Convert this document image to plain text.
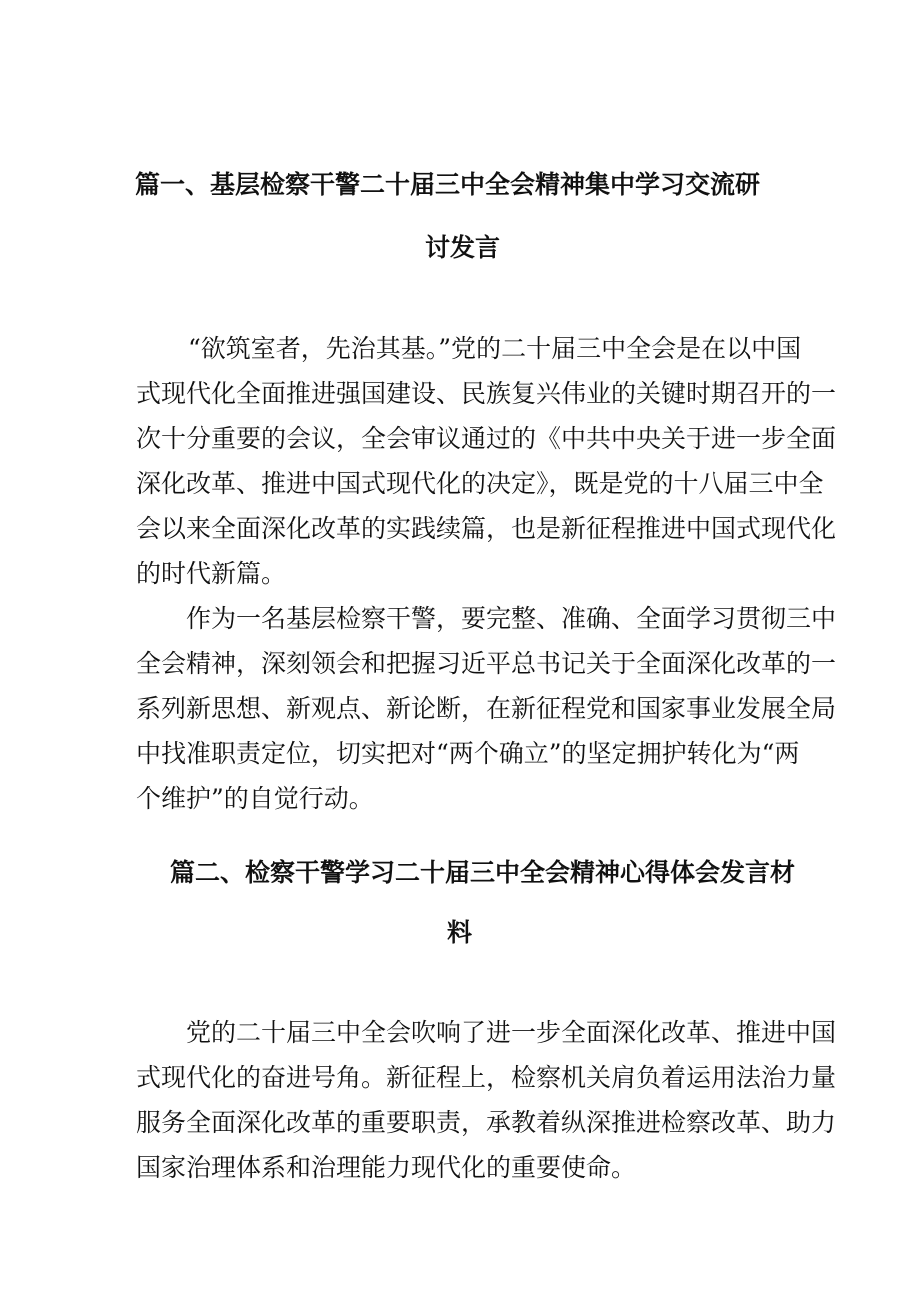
篇一、基层检察干警二十届三中全会精神集中学习交流研
讨发言
“欲筑室者，先治其基。”党的二十届三中全会是在以中国
式现代化全面推进强国建设、民族复兴伟业的关键时期召开的一
次十分重要的会议，全会审议通过的《中共中央关于进一步全面
深化改革、推进中国式现代化的决定》，既是党的十八届三中全
会以来全面深化改革的实践续篇，也是新征程推进中国式现代化
的时代新篇。
作为一名基层检察干警，要完整、准确、全面学习贯彻三中
全会精神，深刻领会和把握习近平总书记关于全面深化改革的一
系列新思想、新观点、新论断，在新征程党和国家事业发展全局
中找准职责定位，切实把对“两个确立”的坚定拥护转化为“两
个维护”的自觉行动。
篇二、检察干警学习二十届三中全会精神心得体会发言材
料
党的二十届三中全会吹响了进一步全面深化改革、推进中国
式现代化的奋进号角。新征程上，检察机关肩负着运用法治力量
服务全面深化改革的重要职责，承教着纵深推进检察改革、助力
国家治理体系和治理能力现代化的重要使命。
